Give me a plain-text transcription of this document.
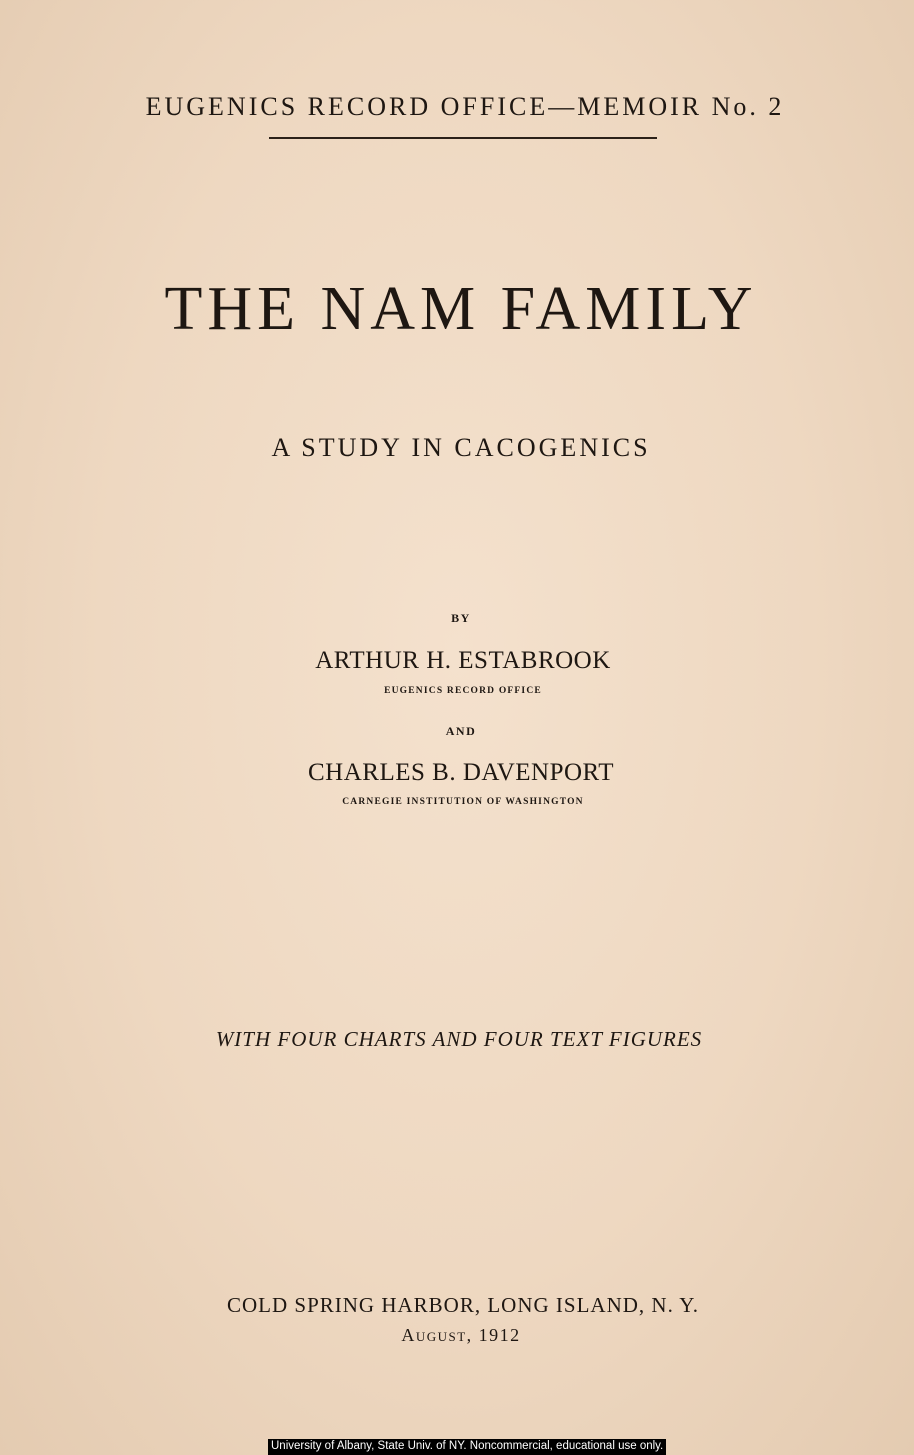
EUGENICS RECORD OFFICE—MEMOIR No. 2
THE NAM FAMILY
A STUDY IN CACOGENICS
BY
ARTHUR H. ESTABROOK
EUGENICS RECORD OFFICE
AND
CHARLES B. DAVENPORT
CARNEGIE INSTITUTION OF WASHINGTON
WITH FOUR CHARTS AND FOUR TEXT FIGURES
COLD SPRING HARBOR, LONG ISLAND, N. Y.
August, 1912
University of Albany, State Univ. of NY. Noncommercial, educational use only.
